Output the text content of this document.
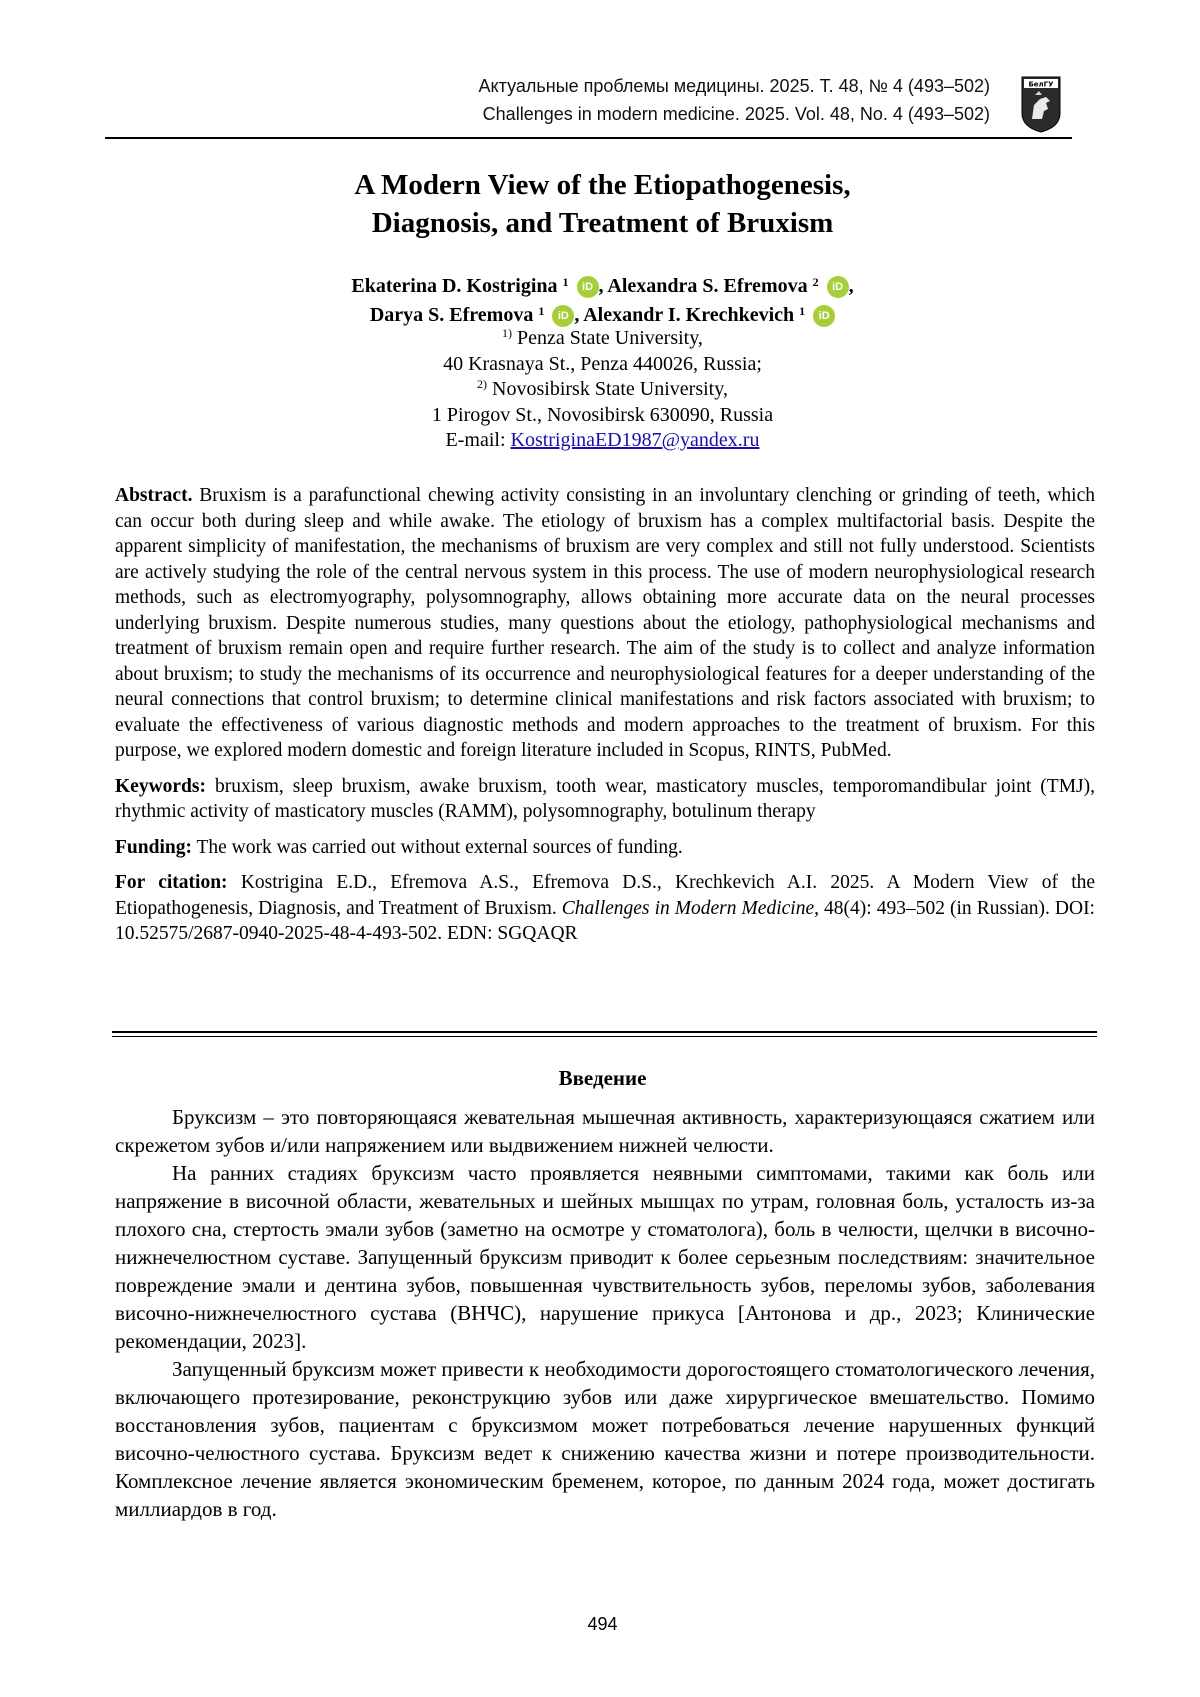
Актуальные проблемы медицины. 2025. Т. 48, № 4 (493–502)
Challenges in modern medicine. 2025. Vol. 48, No. 4 (493–502)
БелГУ
A Modern View of the Etiopathogenesis,
Diagnosis, and Treatment of Bruxism
Ekaterina D. Kostrigina $^1$ iD , Alexandra S. Efremova $^2$ iD ,
Darya S. Efremova $^1$ iD , Alexandr I. Krechkevich $^1$ iD
$^{1)}$ Penza State University,
40 Krasnaya St., Penza 440026, Russia;
$^{2)}$ Novosibirsk State University,
1 Pirogov St., Novosibirsk 630090, Russia
E-mail: KostriginaED1987@yandex.ru

Abstract. Bruxism is a parafunctional chewing activity consisting in an involuntary clenching or grinding of teeth, which can occur both during sleep and while awake. The etiology of bruxism has a complex multifactorial basis. Despite the apparent simplicity of manifestation, the mechanisms of bruxism are very complex and still not fully understood. Scientists are actively studying the role of the central nervous system in this process. The use of modern neurophysiological research methods, such as electromyography, polysomnography, allows obtaining more accurate data on the neural processes underlying bruxism. Despite numerous studies, many questions about the etiology, pathophysiological mechanisms and treatment of bruxism remain open and require further research. The aim of the study is to collect and analyze information about bruxism; to study the mechanisms of its occurrence and neurophysiological features for a deeper understanding of the neural connections that control bruxism; to determine clinical manifestations and risk factors associated with bruxism; to evaluate the effectiveness of various diagnostic methods and modern approaches to the treatment of bruxism. For this purpose, we explored modern domestic and foreign literature included in Scopus, RINTS, PubMed.

Keywords: bruxism, sleep bruxism, awake bruxism, tooth wear, masticatory muscles, temporomandibular joint (TMJ), rhythmic activity of masticatory muscles (RAMM), polysomnography, botulinum therapy

Funding: The work was carried out without external sources of funding.

For citation: Kostrigina E.D., Efremova A.S., Efremova D.S., Krechkevich A.I. 2025. A Modern View of the Etiopathogenesis, Diagnosis, and Treatment of Bruxism. Challenges in Modern Medicine, 48(4): 493–502 (in Russian). DOI: 10.52575/2687-0940-2025-48-4-493-502. EDN: SGQAQR

Введение

Бруксизм – это повторяющаяся жевательная мышечная активность, характеризующаяся сжатием или скрежетом зубов и/или напряжением или выдвижением нижней челюсти.

На ранних стадиях бруксизм часто проявляется неявными симптомами, такими как боль или напряжение в височной области, жевательных и шейных мышцах по утрам, головная боль, усталость из-за плохого сна, стертость эмали зубов (заметно на осмотре у стоматолога), боль в челюсти, щелчки в височно-нижнечелюстном суставе. Запущенный бруксизм приводит к более серьезным последствиям: значительное повреждение эмали и дентина зубов, повышенная чувствительность зубов, переломы зубов, заболевания височно-нижнечелюстного сустава (ВНЧС), нарушение прикуса [Антонова и др., 2023; Клинические рекомендации, 2023].

Запущенный бруксизм может привести к необходимости дорогостоящего стоматологического лечения, включающего протезирование, реконструкцию зубов или даже хирургическое вмешательство. Помимо восстановления зубов, пациентам с бруксизмом может потребоваться лечение нарушенных функций височно-челюстного сустава. Бруксизм ведет к снижению качества жизни и потере производительности. Комплексное лечение является экономическим бременем, которое, по данным 2024 года, может достигать миллиардов в год.

494
